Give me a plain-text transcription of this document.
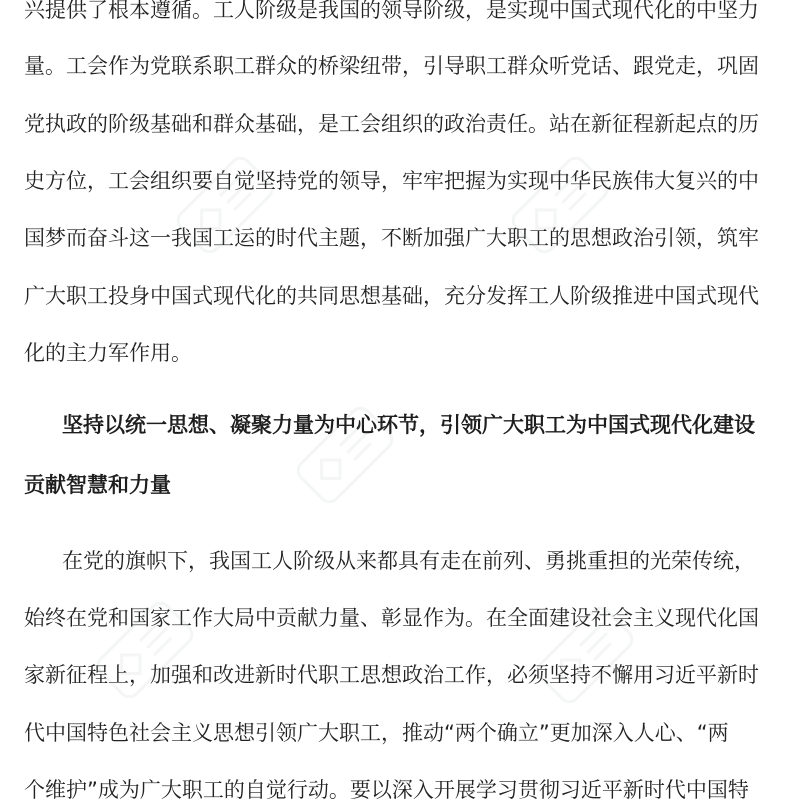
兴提供了根本遵循。工人阶级是我国的领导阶级，是实现中国式现代化的中坚力
量。工会作为党联系职工群众的桥梁纽带，引导职工群众听党话、跟党走，巩固
党执政的阶级基础和群众基础，是工会组织的政治责任。站在新征程新起点的历
史方位，工会组织要自觉坚持党的领导，牢牢把握为实现中华民族伟大复兴的中
国梦而奋斗这一我国工运的时代主题，不断加强广大职工的思想政治引领，筑牢
广大职工投身中国式现代化的共同思想基础，充分发挥工人阶级推进中国式现代
化的主力军作用。
坚持以统一思想、凝聚力量为中心环节，引领广大职工为中国式现代化建设
贡献智慧和力量
在党的旗帜下，我国工人阶级从来都具有走在前列、勇挑重担的光荣传统，
始终在党和国家工作大局中贡献力量、彰显作为。在全面建设社会主义现代化国
家新征程上，加强和改进新时代职工思想政治工作，必须坚持不懈用习近平新时
代中国特色社会主义思想引领广大职工，推动“两个确立”更加深入人心、“两
个维护”成为广大职工的自觉行动。要以深入开展学习贯彻习近平新时代中国特
